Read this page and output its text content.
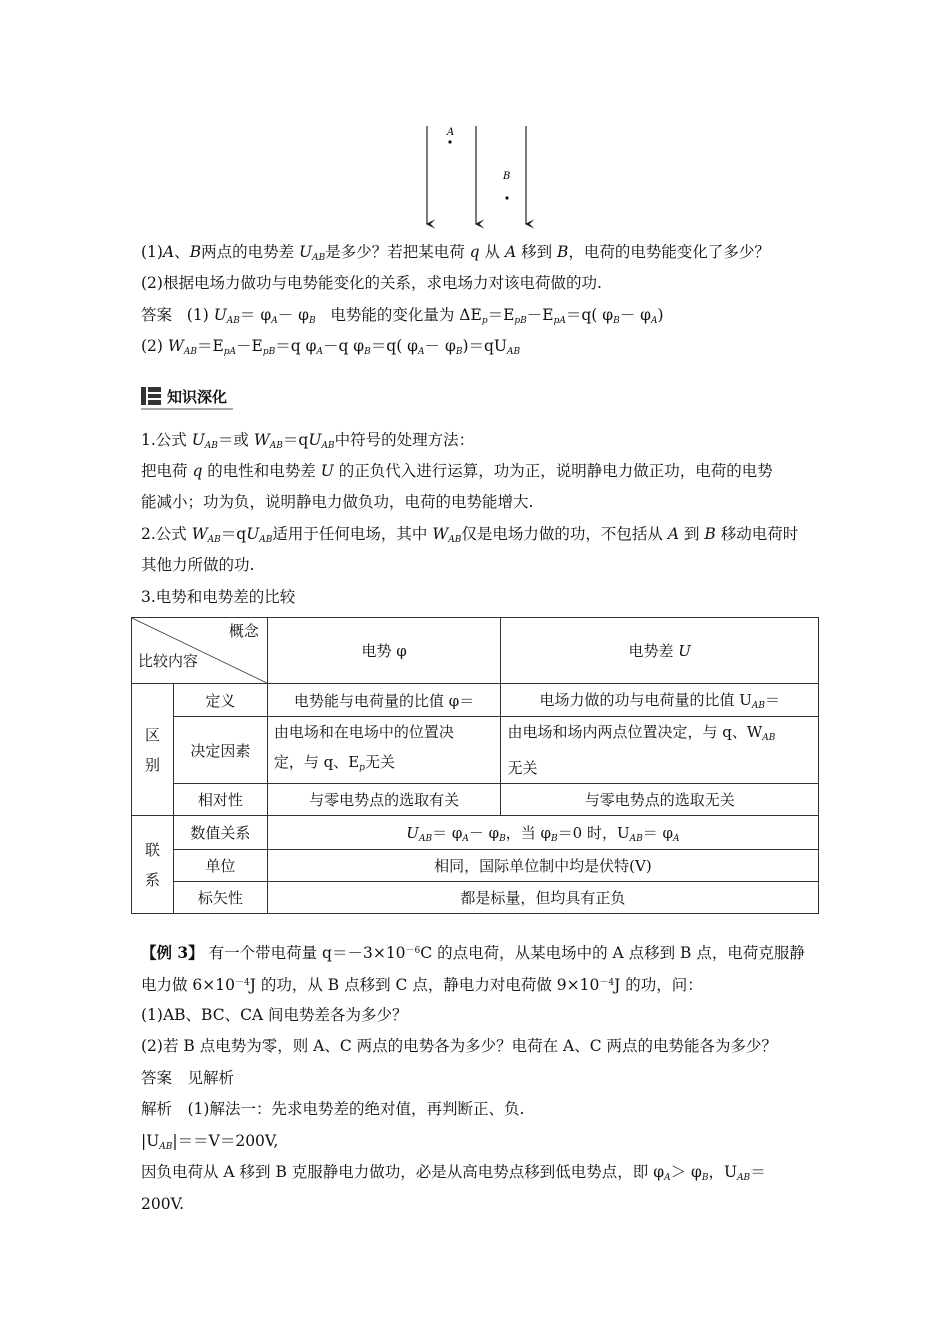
A
B
(1)A、B两点的电势差 $U_{AB}$是多少？若把某电荷 q 从 A 移到 B，电荷的电势能变化了多少？
(2)根据电场力做功与电势能变化的关系，求电场力对该电荷做的功.
答案 (1) $U_{AB}= \varphi_A- \varphi_B$ 电势能的变化量为 $\Delta E_p=E_{pB}-E_{pA}=q$( $\varphi_B- \varphi_A$)
(2) $W_{AB}=E_{pA}-E_{pB}=q$ $\varphi_A-q$ $\varphi_B=q$( $\varphi_A- \varphi_B)=qU_{AB}$
知识深化
1.公式 $U_{AB}=$或 $W_{AB}=qU_{AB}$中符号的处理方法：
把电荷 q 的电性和电势差 U 的正负代入进行运算，功为正，说明静电力做正功，电荷的电势
能减小；功为负，说明静电力做负功，电荷的电势能增大.
2.公式 $W_{AB}=qU_{AB}$适用于任何电场，其中 $W_{AB}$仅是电场力做的功，不包括从 A 到 B 移动电荷时
其他力所做的功.
3.电势和电势差的比较
概念
比较内容		电势 φ	电势差 U
区
别	定义	电势能与电荷量的比值 φ＝	电场力做的功与电荷量的比值 $U_{AB}=$
	决定因素	由电场和在电场中的位置决
定，与 q、$E_p$无关	由电场和场内两点位置决定，与 q、$W_{AB}$
无关
	相对性	与零电势点的选取有关	与零电势点的选取无关
联
系	数值关系	$U_{AB}= \varphi_A- \varphi_B$，当 $\varphi_B=0$ 时，$U_{AB}= \varphi_A$
	单位	相同，国际单位制中均是伏特(V)	
	标矢性	都是标量，但均具有正负	
【例 3】 有一个带电荷量 $q=-3\times 10^{-6}C$ 的点电荷，从某电场中的 A 点移到 B 点，电荷克服静
电力做 $6\times 10^{-4}J$ 的功，从 B 点移到 C 点，静电力对电荷做 $9\times 10^{-4}J$ 的功，问：
(1)AB、BC、CA 间电势差各为多少？
(2)若 B 点电势为零，则 A、C 两点的电势各为多少？电荷在 A、C 两点的电势能各为多少？
答案　见解析
解析　(1)解法一：先求电势差的绝对值，再判断正、负.
$|U_{AB}|==V=200V$,
因负电荷从 A 移到 B 克服静电力做功，必是从高电势点移到低电势点，即 $\varphi_A> \varphi_B$，$U_{AB}=$
200V.
